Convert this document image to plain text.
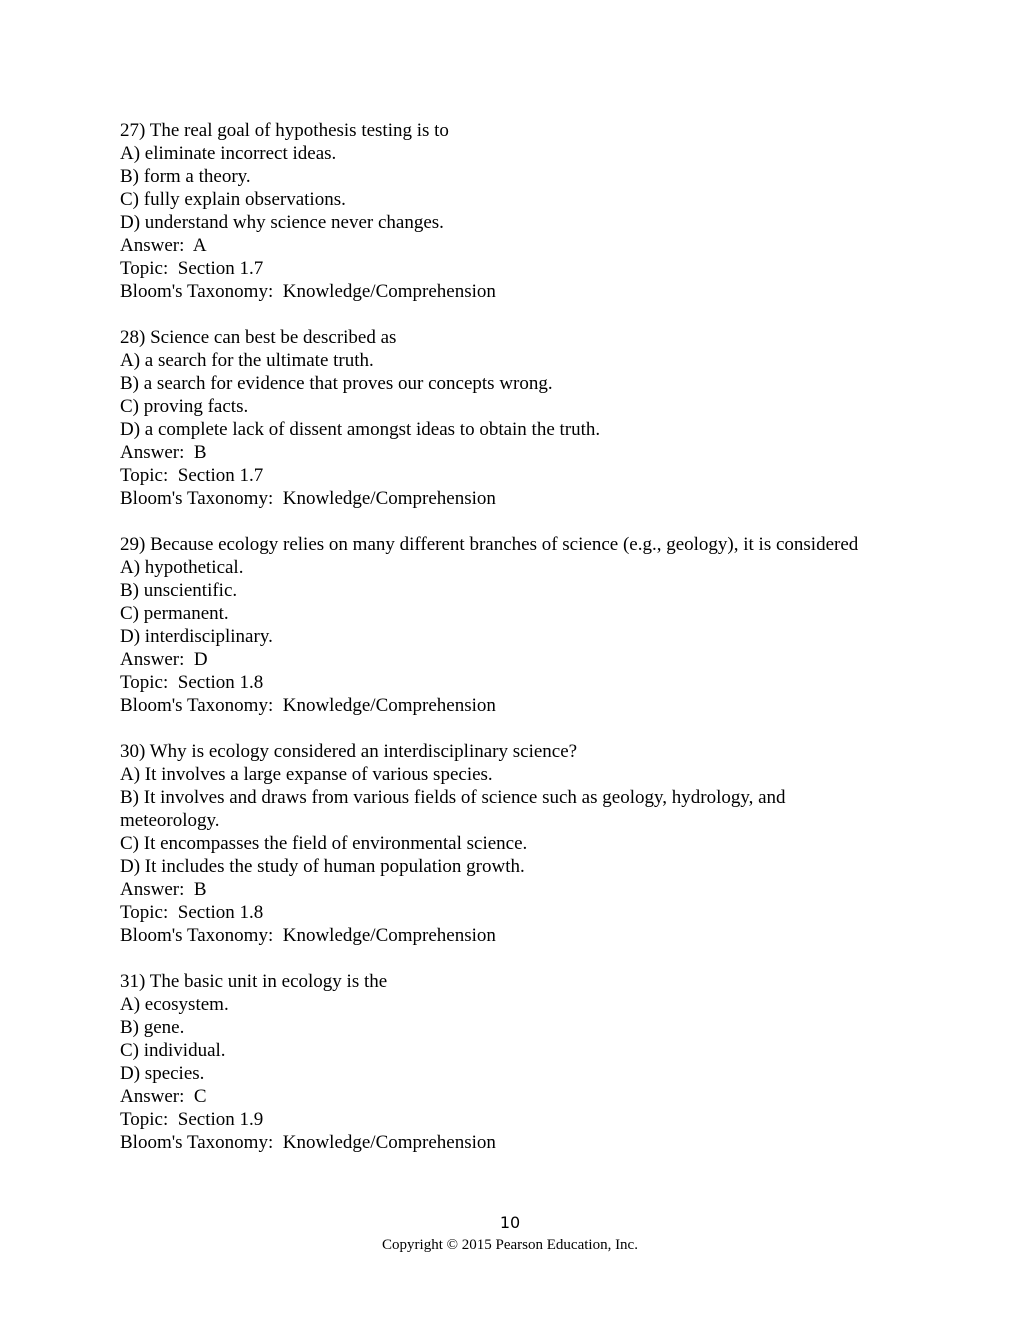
27) The real goal of hypothesis testing is to
A) eliminate incorrect ideas.
B) form a theory.
C) fully explain observations.
D) understand why science never changes.
Answer:  A
Topic:  Section 1.7
Bloom's Taxonomy:  Knowledge/Comprehension
28) Science can best be described as
A) a search for the ultimate truth.
B) a search for evidence that proves our concepts wrong.
C) proving facts.
D) a complete lack of dissent amongst ideas to obtain the truth.
Answer:  B
Topic:  Section 1.7
Bloom's Taxonomy:  Knowledge/Comprehension
29) Because ecology relies on many different branches of science (e.g., geology), it is considered
A) hypothetical.
B) unscientific.
C) permanent.
D) interdisciplinary.
Answer:  D
Topic:  Section 1.8
Bloom's Taxonomy:  Knowledge/Comprehension
30) Why is ecology considered an interdisciplinary science?
A) It involves a large expanse of various species.
B) It involves and draws from various fields of science such as geology, hydrology, and meteorology.
C) It encompasses the field of environmental science.
D) It includes the study of human population growth.
Answer:  B
Topic:  Section 1.8
Bloom's Taxonomy:  Knowledge/Comprehension
31) The basic unit in ecology is the
A) ecosystem.
B) gene.
C) individual.
D) species.
Answer:  C
Topic:  Section 1.9
Bloom's Taxonomy:  Knowledge/Comprehension
10
Copyright © 2015 Pearson Education, Inc.
